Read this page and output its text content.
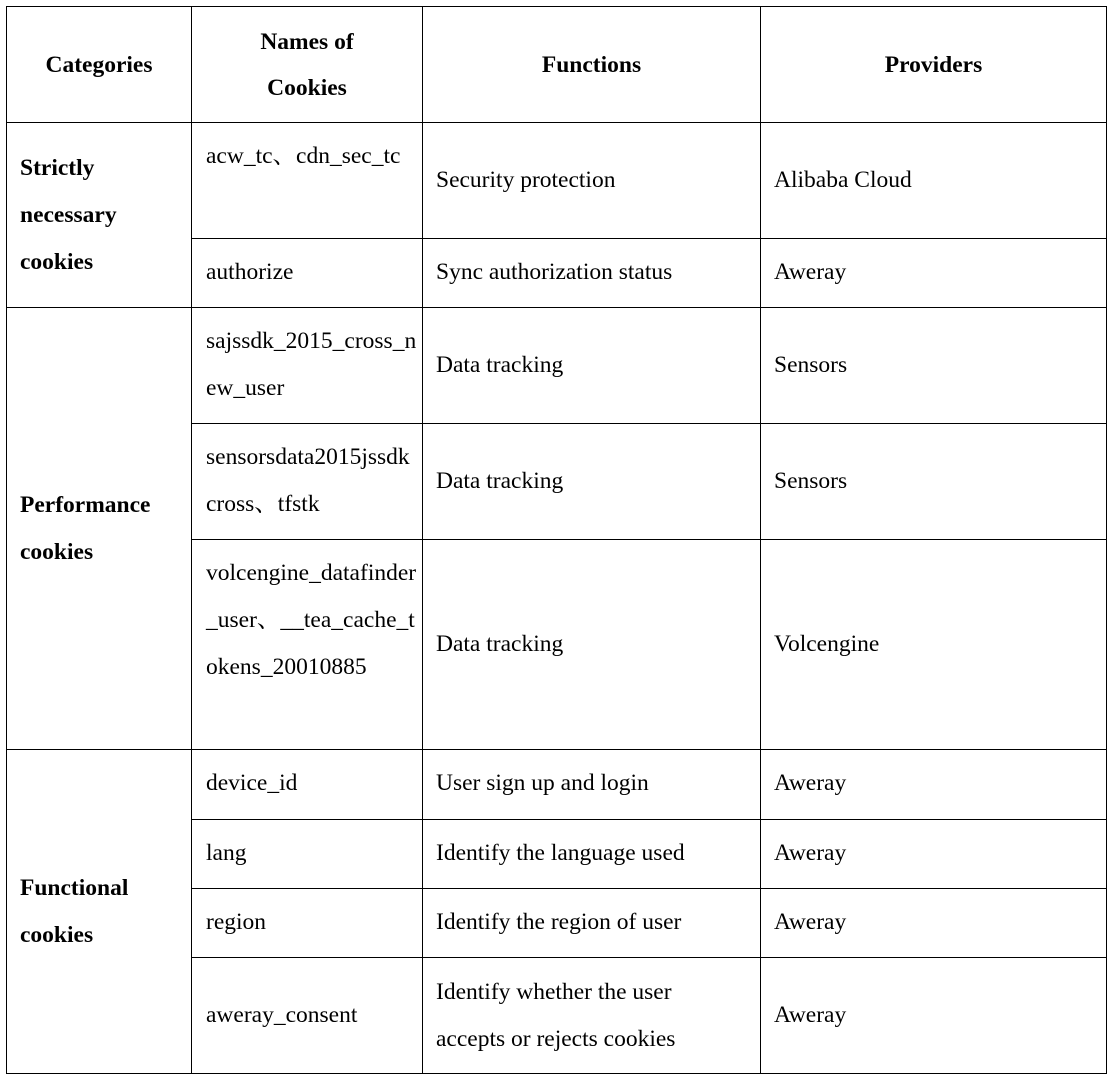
Categories	Names of Cookies	Functions	Providers

Strictly necessary cookies	acw_tc、cdn_sec_tc	Security protection	Alibaba Cloud

	authorize	Sync authorization status	Aweray

Performance cookies	sajssdk_2015_cross_new_user	Data tracking	Sensors

	sensorsdata2015jssdkcross、tfstk	Data tracking	Sensors

	volcengine_datafinder_user、__tea_cache_tokens_20010885	Data tracking	Volcengine

Functional cookies	device_id	User sign up and login	Aweray

	lang	Identify the language used	Aweray

	region	Identify the region of user	Aweray

	aweray_consent	Identify whether the user accepts or rejects cookies	Aweray
